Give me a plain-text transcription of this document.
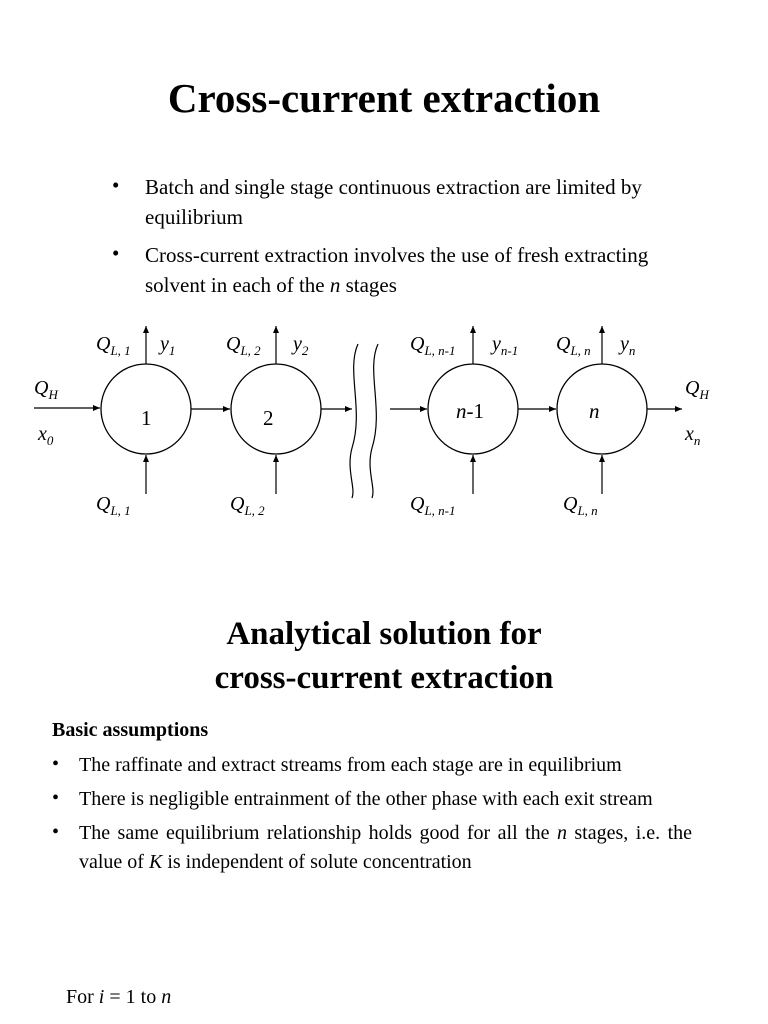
Cross-current extraction
• Batch and single stage continuous extraction are limited by equilibrium
• Cross-current extraction involves the use of fresh extracting solvent in each of the n stages
$Q_H$
$x_0$
1	2	n-1	n
$Q_{L, 1}$ $y_1$	$Q_{L, 2}$ $y_2$	$Q_{L, n-1}$ $y_{n-1}$ $Q_{L, n}$ $y_n$
$Q_{L, 1}$	$Q_{L, 2}$	$Q_{L, n-1}$	$Q_{L, n}$
$Q_H$
$x_n$
Analytical solution for
cross-current extraction
Basic assumptions
• The raffinate and extract streams from each stage are in equilibrium
• There is negligible entrainment of the other phase with each exit stream
• The same equilibrium relationship holds good for all the n stages, i.e. the value of K is independent of solute concentration
For i = 1 to n
